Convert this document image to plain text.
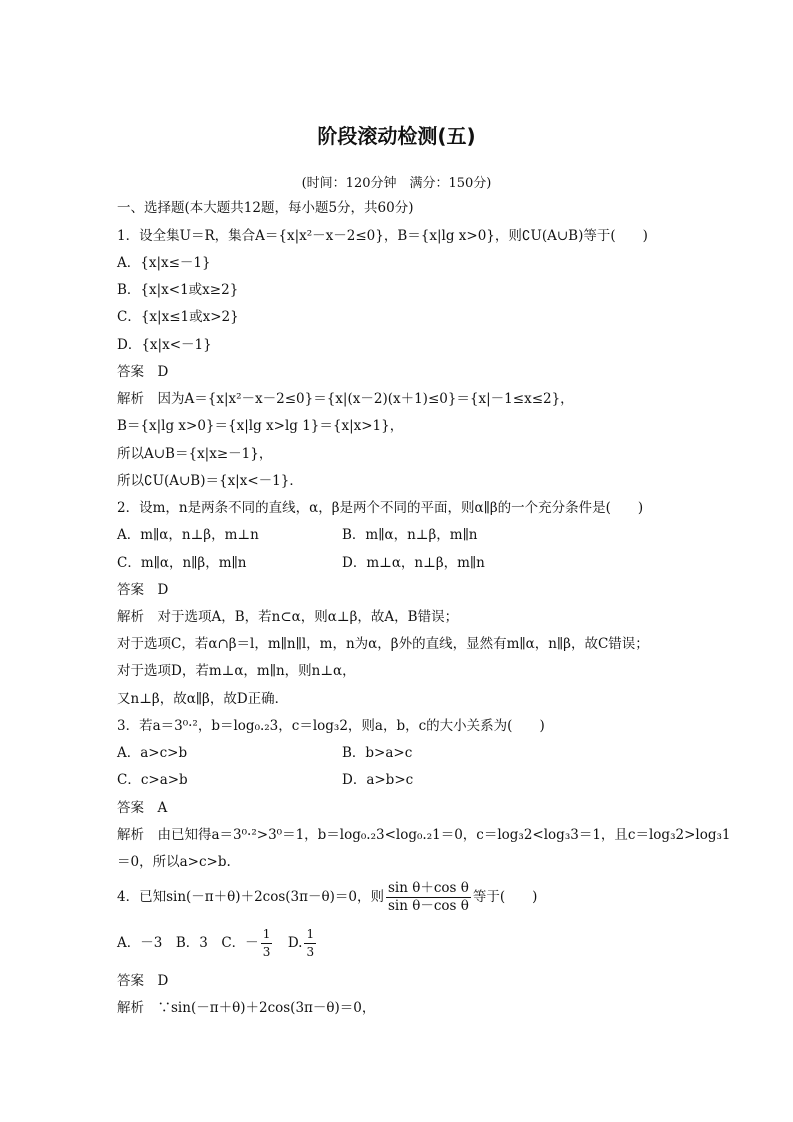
阶段滚动检测(五)
(时间：120分钟　满分：150分)
一、选择题(本大题共12题，每小题5分，共60分)
1．设全集U＝R，集合A＝{x|x²－x－2≤0}，B＝{x|lg x>0}，则∁U(A∪B)等于(　　)
A．{x|x≤－1}
B．{x|x<1或x≥2}
C．{x|x≤1或x>2}
D．{x|x<－1}
答案　D
解析　因为A＝{x|x²－x－2≤0}＝{x|(x－2)(x＋1)≤0}＝{x|－1≤x≤2}，
B＝{x|lg x>0}＝{x|lg x>lg 1}＝{x|x>1}，
所以A∪B＝{x|x≥－1}，
所以∁U(A∪B)＝{x|x<－1}．
2．设m，n是两条不同的直线，α，β是两个不同的平面，则α∥β的一个充分条件是(　　)
A．m∥α，n⊥β，m⊥n	B．m∥α，n⊥β，m∥n
C．m∥α，n∥β，m∥n	D．m⊥α，n⊥β，m∥n
答案　D
解析　对于选项A，B，若n⊂α，则α⊥β，故A，B错误；
对于选项C，若α∩β＝l，m∥n∥l，m，n为α，β外的直线，显然有m∥α，n∥β，故C错误；
对于选项D，若m⊥α，m∥n，则n⊥α，
又n⊥β，故α∥β，故D正确．
3．若a＝3⁰·²，b＝log₀.₂3，c＝log₃2，则a，b，c的大小关系为(　　)
A．a>c>b	B．b>a>c
C．c>a>b	D．a>b>c
答案　A
解析　由已知得a＝3⁰·²>3⁰＝1，b＝log₀.₂3<log₀.₂1＝0，c＝log₃2<log₃3＝1，且c＝log₃2>log₃1
＝0，所以a>c>b.
4．已知sin(－π＋θ)＋2cos(3π－θ)＝0，则 $\frac{\text{sin θ＋cos θ}}{\text{sin θ－cos θ}}$ 等于(　　)
A．－3　B．3　C．－ $\frac{1}{3}$ 　D. $\frac{1}{3}$
答案　D
解析　∵sin(－π＋θ)＋2cos(3π－θ)＝0，
